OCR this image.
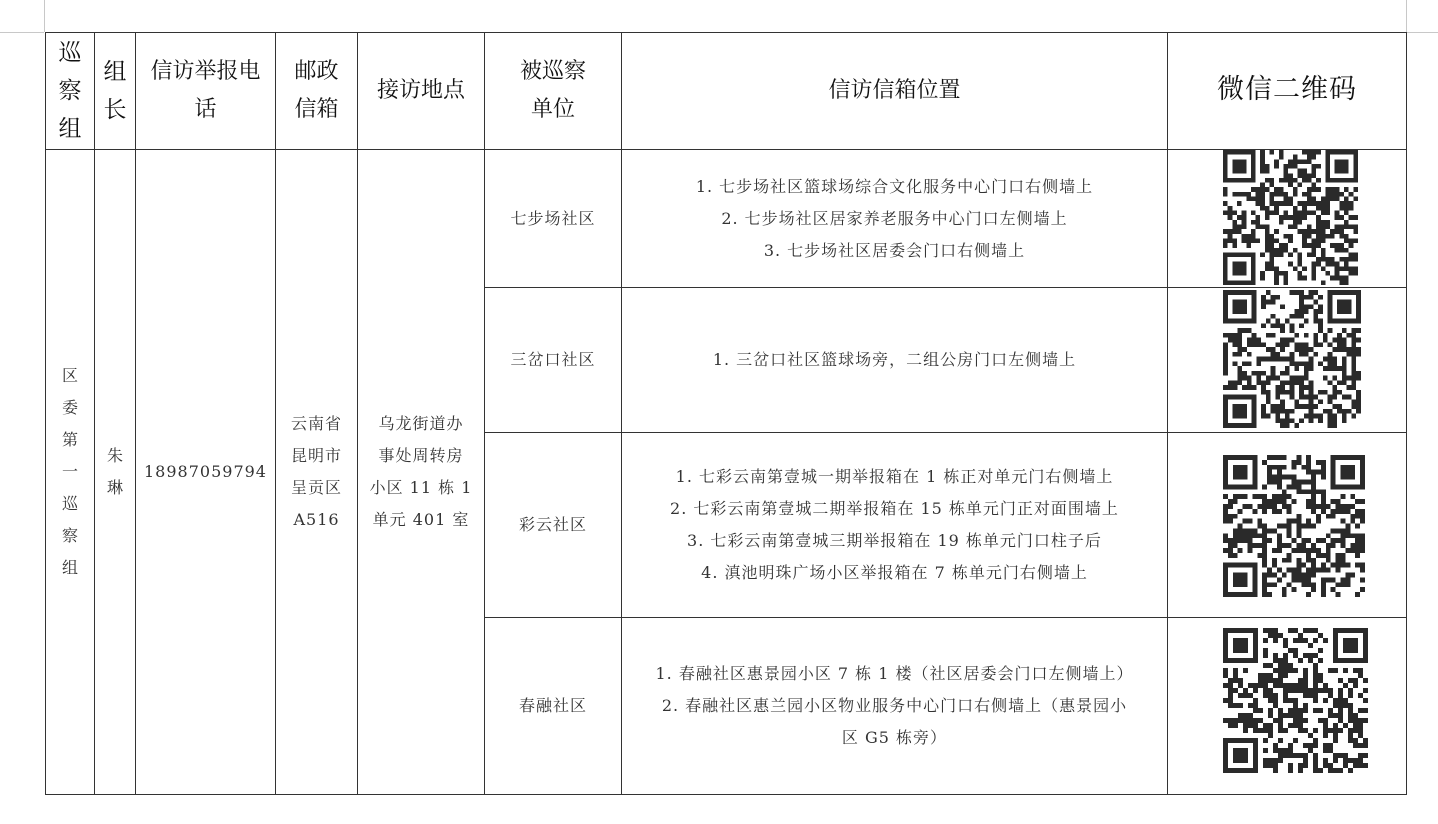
巡察组	组长	信访举报电话	邮政信箱	接访地点	被巡察单位	信访信箱位置	微信二维码

区委第一巡察组	朱琳	18987059794	云南省
昆明市
呈贡区
A516	乌龙街道办
事处周转房
小区 11 栋 1
单元 401 室	七步场社区	1. 七步场社区篮球场综合文化服务中心门口右侧墙上
2. 七步场社区居家养老服务中心门口左侧墙上
3. 七步场社区居委会门口右侧墙上

					三岔口社区	1. 三岔口社区篮球场旁，二组公房门口左侧墙上

					彩云社区	1. 七彩云南第壹城一期举报箱在 1 栋正对单元门右侧墙上
2. 七彩云南第壹城二期举报箱在 15 栋单元门正对面围墙上
3. 七彩云南第壹城三期举报箱在 19 栋单元门口柱子后
4. 滇池明珠广场小区举报箱在 7 栋单元门右侧墙上

					春融社区	1. 春融社区惠景园小区 7 栋 1 楼（社区居委会门口左侧墙上）
2. 春融社区惠兰园小区物业服务中心门口右侧墙上（惠景园小
区 G5 栋旁）
